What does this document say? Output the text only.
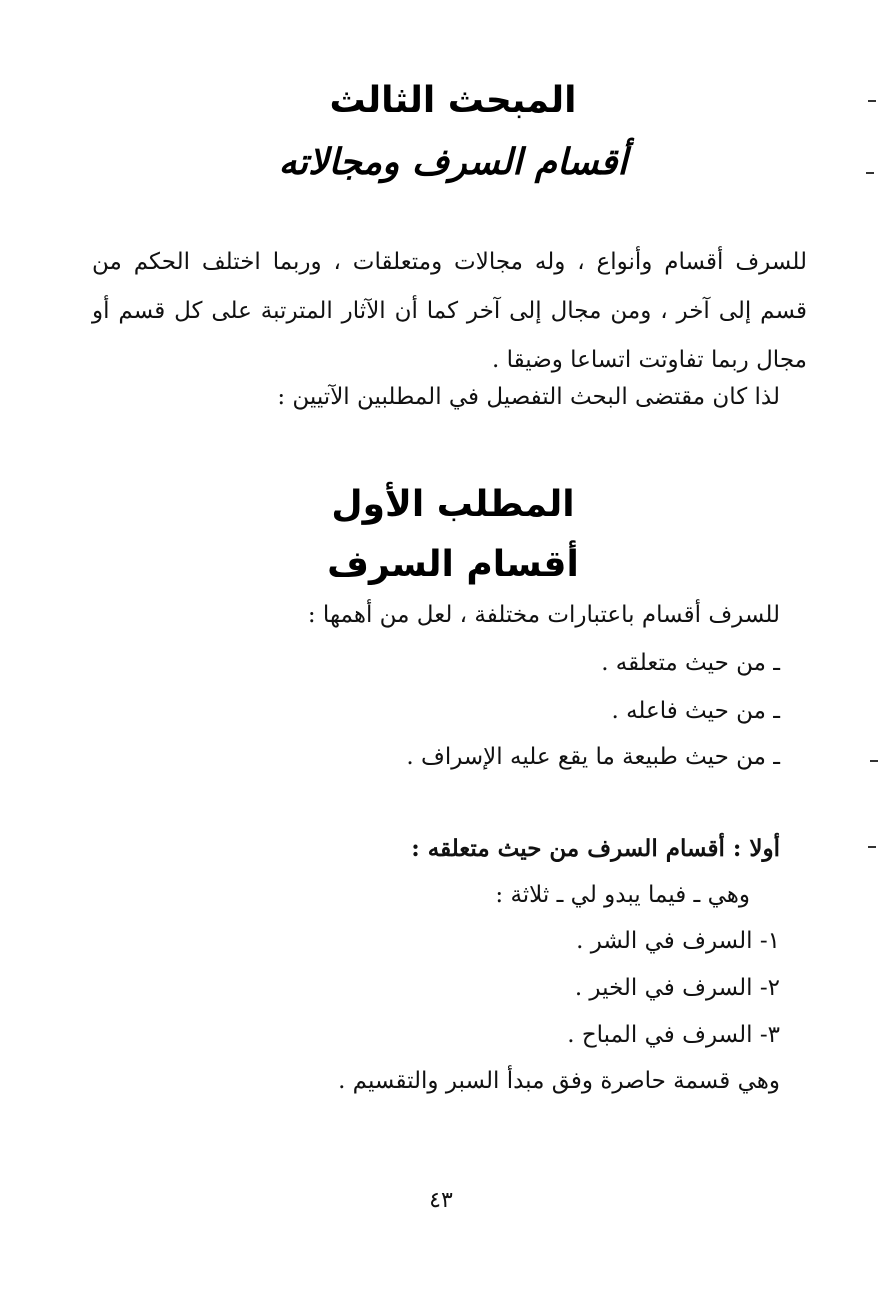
المبحث الثالث
أقسام السرف ومجالاته
للسرف أقسام وأنواع ، وله مجالات ومتعلقات ، وربما اختلف الحكم من قسم إلى آخر ، ومن مجال إلى آخر كما أن الآثار المترتبة على كل قسم أو مجال ربما تفاوتت اتساعا وضيقا .
لذا كان مقتضى البحث التفصيل في المطلبين الآتيين :
المطلب الأول
أقسام السرف
للسرف أقسام باعتبارات مختلفة ، لعل من أهمها :
ـ من حيث متعلقه .
ـ من حيث فاعله .
ـ من حيث طبيعة ما يقع عليه الإسراف .
أولا : أقسام السرف من حيث متعلقه :
وهي ـ فيما يبدو لي ـ ثلاثة :
١- السرف في الشر .
٢- السرف في الخير .
٣- السرف في المباح .
وهي قسمة حاصرة وفق مبدأ السبر والتقسيم .
٤٣
